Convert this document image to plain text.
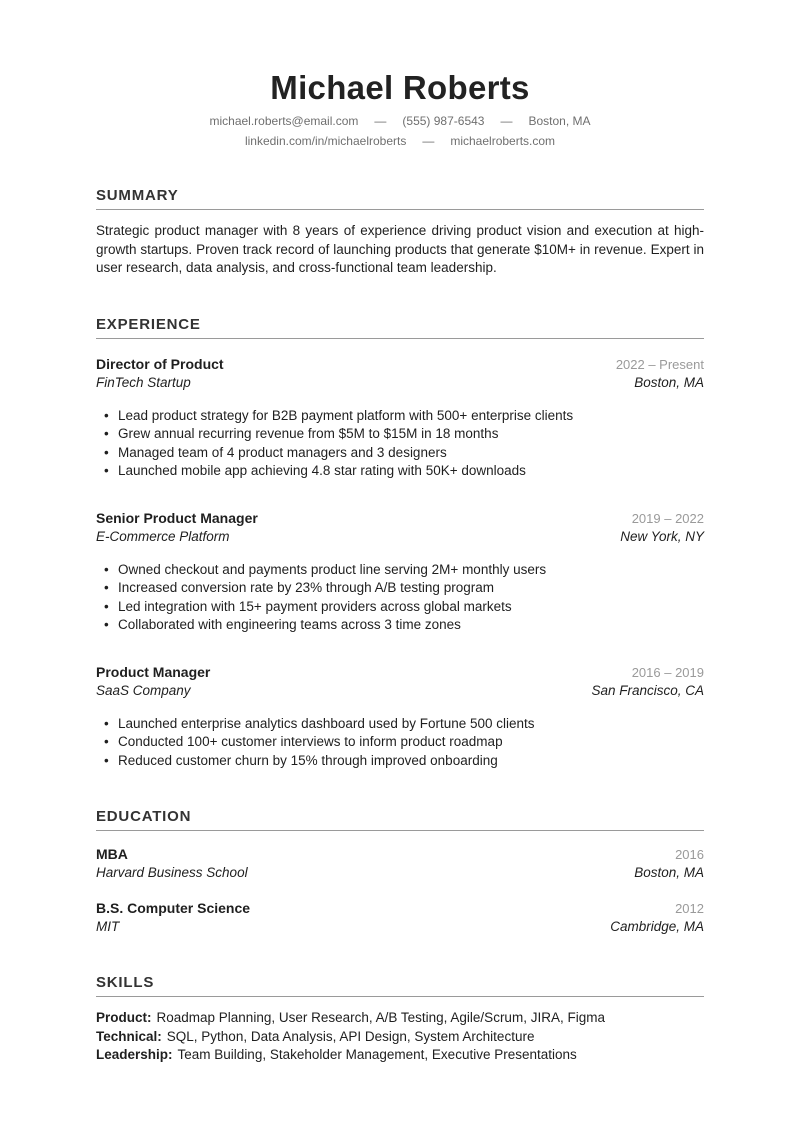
Michael Roberts
michael.roberts@email.com — (555) 987-6543 — Boston, MA
linkedin.com/in/michaelroberts — michaelroberts.com
SUMMARY

Strategic product manager with 8 years of experience driving product vision and execution at high-growth startups. Proven track record of launching products that generate $10M+ in revenue. Expert in user research, data analysis, and cross-functional team leadership.

EXPERIENCE
Director of Product	2022 – Present
FinTech Startup	Boston, MA
• Lead product strategy for B2B payment platform with 500+ enterprise clients
• Grew annual recurring revenue from $5M to $15M in 18 months
• Managed team of 4 product managers and 3 designers
• Launched mobile app achieving 4.8 star rating with 50K+ downloads
Senior Product Manager	2019 – 2022
E-Commerce Platform	New York, NY
• Owned checkout and payments product line serving 2M+ monthly users
• Increased conversion rate by 23% through A/B testing program
• Led integration with 15+ payment providers across global markets
• Collaborated with engineering teams across 3 time zones
Product Manager	2016 – 2019
SaaS Company	San Francisco, CA
• Launched enterprise analytics dashboard used by Fortune 500 clients
• Conducted 100+ customer interviews to inform product roadmap
• Reduced customer churn by 15% through improved onboarding
EDUCATION
MBA	2016
Harvard Business School	Boston, MA
B.S. Computer Science	2012
MIT	Cambridge, MA
SKILLS
Product: Roadmap Planning, User Research, A/B Testing, Agile/Scrum, JIRA, Figma
Technical: SQL, Python, Data Analysis, API Design, System Architecture
Leadership: Team Building, Stakeholder Management, Executive Presentations
